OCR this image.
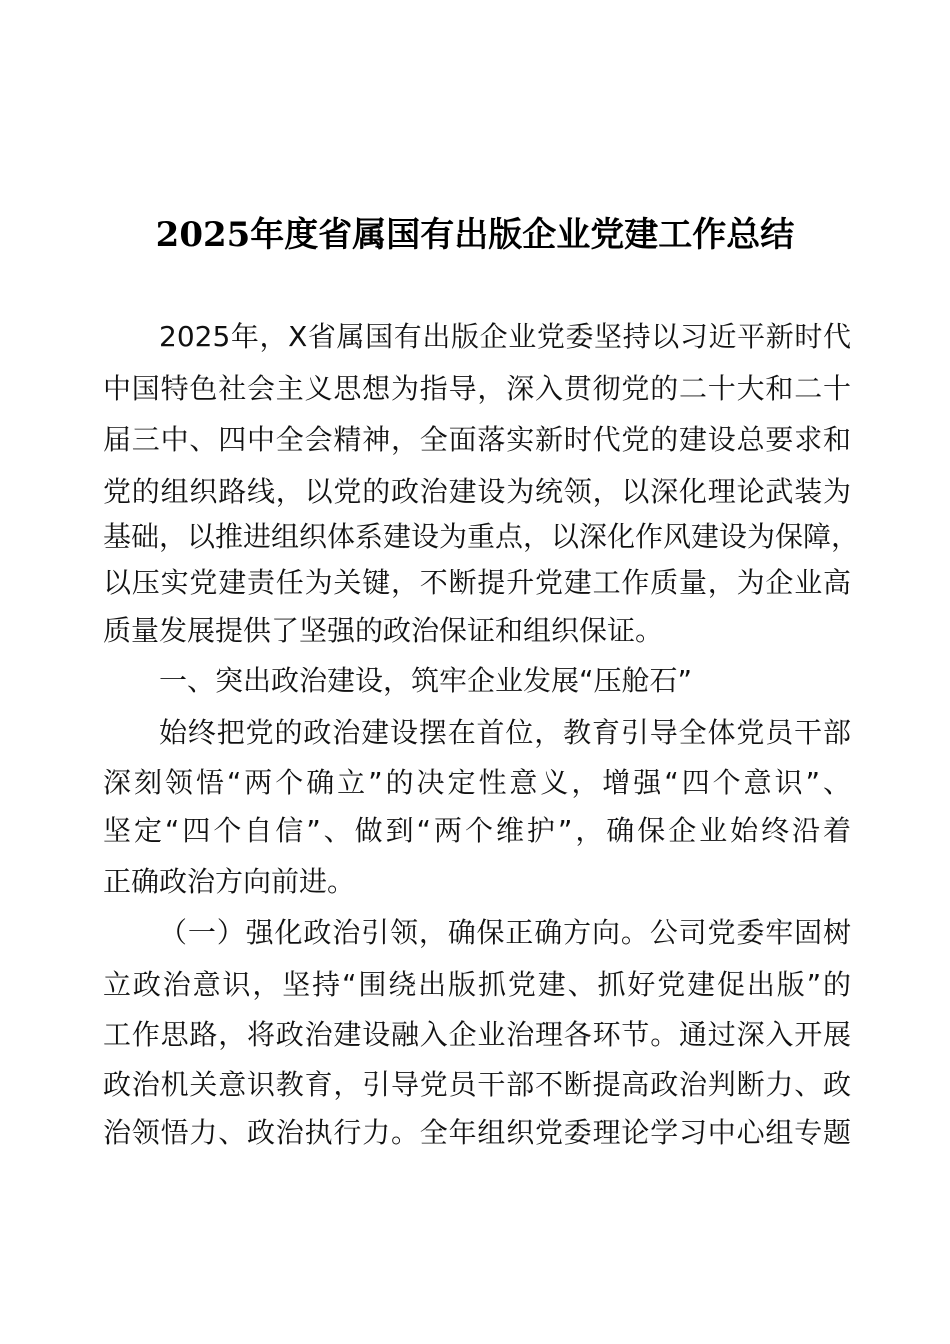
2025年度省属国有出版企业党建工作总结
2025年，X省属国有出版企业党委坚持以习近平新时代
中国特色社会主义思想为指导，深入贯彻党的二十大和二十
届三中、四中全会精神，全面落实新时代党的建设总要求和
党的组织路线，以党的政治建设为统领，以深化理论武装为
基础，以推进组织体系建设为重点，以深化作风建设为保障，
以压实党建责任为关键，不断提升党建工作质量，为企业高
质量发展提供了坚强的政治保证和组织保证。
一、突出政治建设，筑牢企业发展“压舱石”
始终把党的政治建设摆在首位，教育引导全体党员干部
深刻领悟“两个确立”的决定性意义，增强“四个意识”、
坚定“四个自信”、做到“两个维护”，确保企业始终沿着
正确政治方向前进。
（一）强化政治引领，确保正确方向。公司党委牢固树
立政治意识，坚持“围绕出版抓党建、抓好党建促出版”的
工作思路，将政治建设融入企业治理各环节。通过深入开展
政治机关意识教育，引导党员干部不断提高政治判断力、政
治领悟力、政治执行力。全年组织党委理论学习中心组专题
